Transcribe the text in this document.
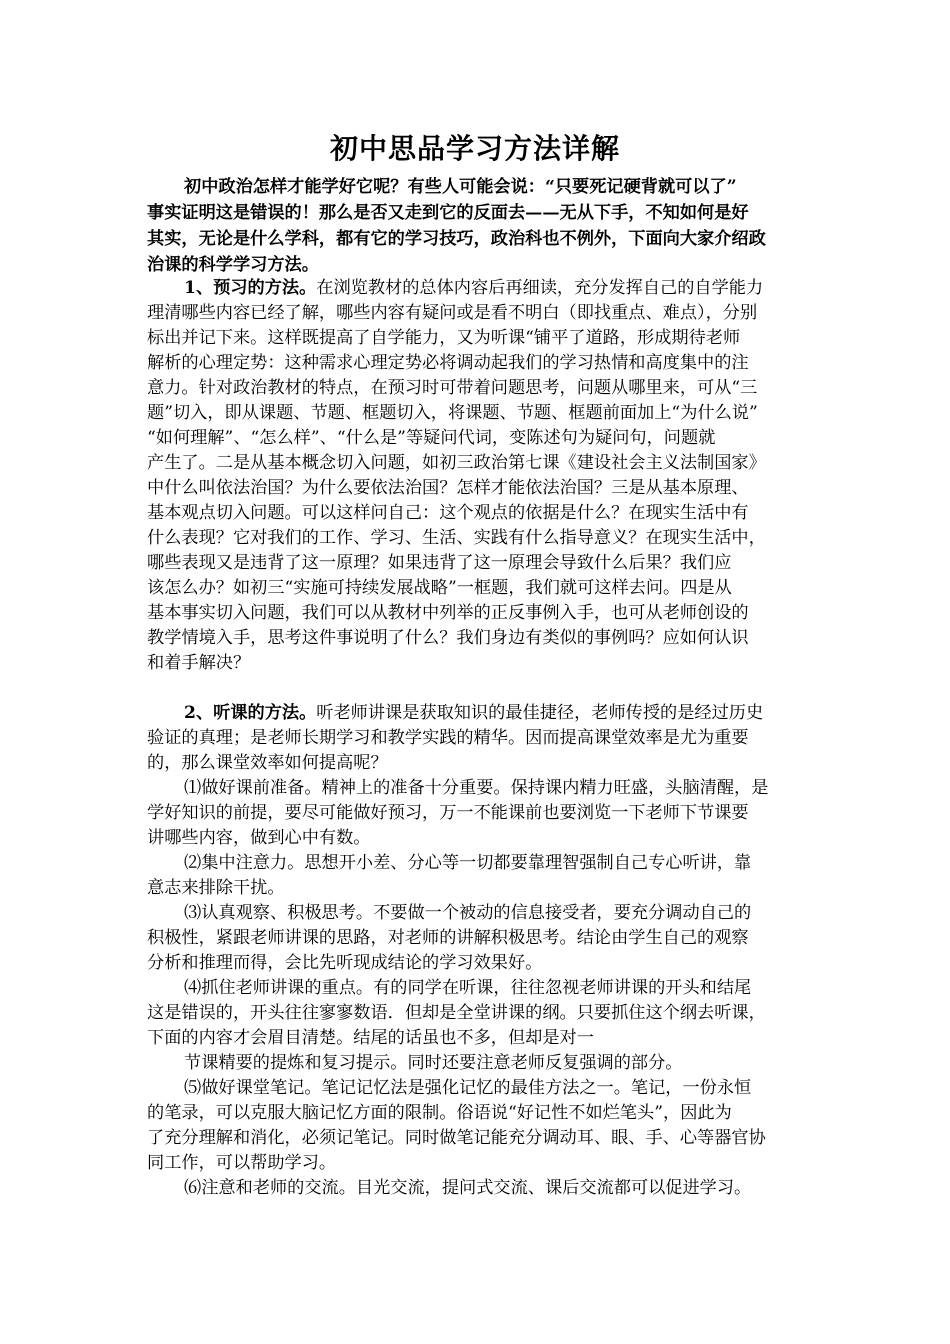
初中思品学习方法详解
初中政治怎样才能学好它呢？有些人可能会说：“只要死记硬背就可以了”
事实证明这是错误的！那么是否又走到它的反面去——无从下手，不知如何是好
其实，无论是什么学科，都有它的学习技巧，政治科也不例外，下面向大家介绍政
治课的科学学习方法。
1、预习的方法。在浏览教材的总体内容后再细读，充分发挥自己的自学能力
理清哪些内容已经了解，哪些内容有疑问或是看不明白（即找重点、难点），分别
标出并记下来。这样既提高了自学能力，又为听课“铺平了道路，形成期待老师
解析的心理定势：这种需求心理定势必将调动起我们的学习热情和高度集中的注
意力。针对政治教材的特点，在预习时可带着问题思考，问题从哪里来，可从“三
题”切入，即从课题、节题、框题切入，将课题、节题、框题前面加上“为什么说”
“如何理解”、“怎么样”、“什么是”等疑问代词，变陈述句为疑问句，问题就
产生了。二是从基本概念切入问题，如初三政治第七课《建设社会主义法制国家》
中什么叫依法治国？为什么要依法治国？怎样才能依法治国？三是从基本原理、
基本观点切入问题。可以这样问自己：这个观点的依据是什么？在现实生活中有
什么表现？它对我们的工作、学习、生活、实践有什么指导意义？在现实生活中，
哪些表现又是违背了这一原理？如果违背了这一原理会导致什么后果？我们应
该怎么办？如初三“实施可持续发展战略”一框题，我们就可这样去问。四是从
基本事实切入问题，我们可以从教材中列举的正反事例入手，也可从老师创设的
教学情境入手，思考这件事说明了什么？我们身边有类似的事例吗？应如何认识
和着手解决？
2、听课的方法。听老师讲课是获取知识的最佳捷径，老师传授的是经过历史
验证的真理；是老师长期学习和教学实践的精华。因而提高课堂效率是尤为重要
的，那么课堂效率如何提高呢？
⑴做好课前准备。精神上的准备十分重要。保持课内精力旺盛，头脑清醒，是
学好知识的前提，要尽可能做好预习，万一不能课前也要浏览一下老师下节课要
讲哪些内容，做到心中有数。
⑵集中注意力。思想开小差、分心等一切都要靠理智强制自己专心听讲，靠
意志来排除干扰。
⑶认真观察、积极思考。不要做一个被动的信息接受者，要充分调动自己的
积极性，紧跟老师讲课的思路，对老师的讲解积极思考。结论由学生自己的观察
分析和推理而得，会比先听现成结论的学习效果好。
⑷抓住老师讲课的重点。有的同学在听课，往往忽视老师讲课的开头和结尾
这是错误的，开头往往寥寥数语．但却是全堂讲课的纲。只要抓住这个纲去听课，
下面的内容才会眉目清楚。结尾的话虽也不多，但却是对一
节课精要的提炼和复习提示。同时还要注意老师反复强调的部分。
⑸做好课堂笔记。笔记记忆法是强化记忆的最佳方法之一。笔记，一份永恒
的笔录，可以克服大脑记忆方面的限制。俗语说“好记性不如烂笔头”，因此为
了充分理解和消化，必须记笔记。同时做笔记能充分调动耳、眼、手、心等器官协
同工作，可以帮助学习。
⑹注意和老师的交流。目光交流，提问式交流、课后交流都可以促进学习。
